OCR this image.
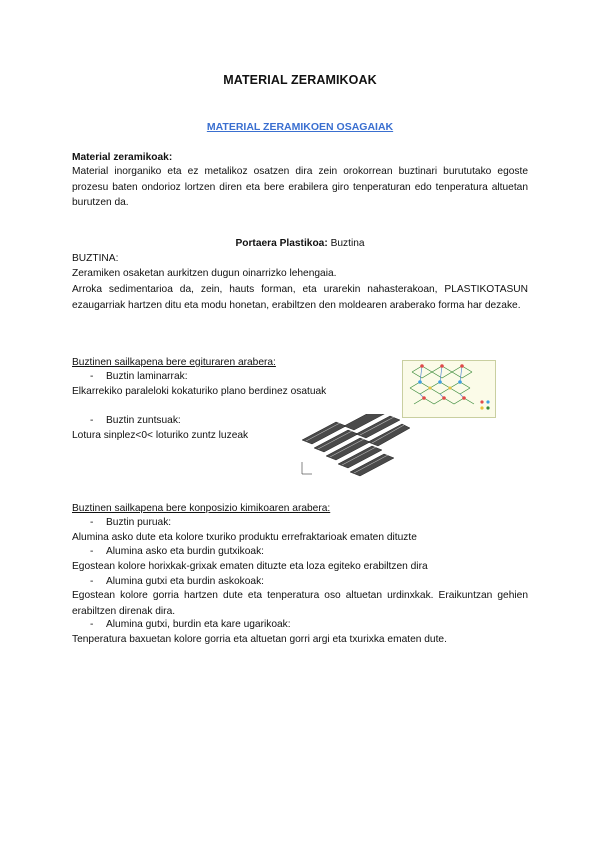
MATERIAL ZERAMIKOAK
MATERIAL ZERAMIKOEN OSAGAIAK
Material zeramikoak:
Material inorganiko eta ez metalikoz osatzen dira zein orokorrean buztinari burututako egoste prozesu baten ondorioz lortzen diren eta bere erabilera giro tenperaturan edo tenperatura altuetan burutzen da.
Portaera Plastikoa: Buztina
BUZTINA:
Zeramiken osaketan aurkitzen dugun oinarrizko lehengaia.
Arroka sedimentarioa da, zein, hauts forman, eta urarekin nahasterakoan, PLASTIKOTASUN ezaugarriak hartzen ditu eta modu honetan, erabiltzen den moldearen araberako forma har dezake.
Buztinen sailkapena bere egituraren arabera:
- Buztin laminarrak:
Elkarrekiko paraleloki kokaturiko plano berdinez osatuak
- Buztin zuntsuak:
Lotura sinplez<0< loturiko zuntz luzeak
Buztinen sailkapena bere konposizio kimikoaren arabera:
- Buztin puruak:
Alumina asko dute eta kolore txuriko produktu errefraktarioak ematen dituzte
- Alumina asko eta burdin gutxikoak:
Egostean kolore horixkak-grixak ematen dituzte eta loza egiteko erabiltzen dira
- Alumina gutxi eta burdin askokoak:
Egostean kolore gorria hartzen dute eta tenperatura oso altuetan urdinxkak. Eraikuntzan gehien erabiltzen direnak dira.
- Alumina gutxi, burdin eta kare ugarikoak:
Tenperatura baxuetan kolore gorria eta altuetan gorri argi eta txurixka ematen dute.
